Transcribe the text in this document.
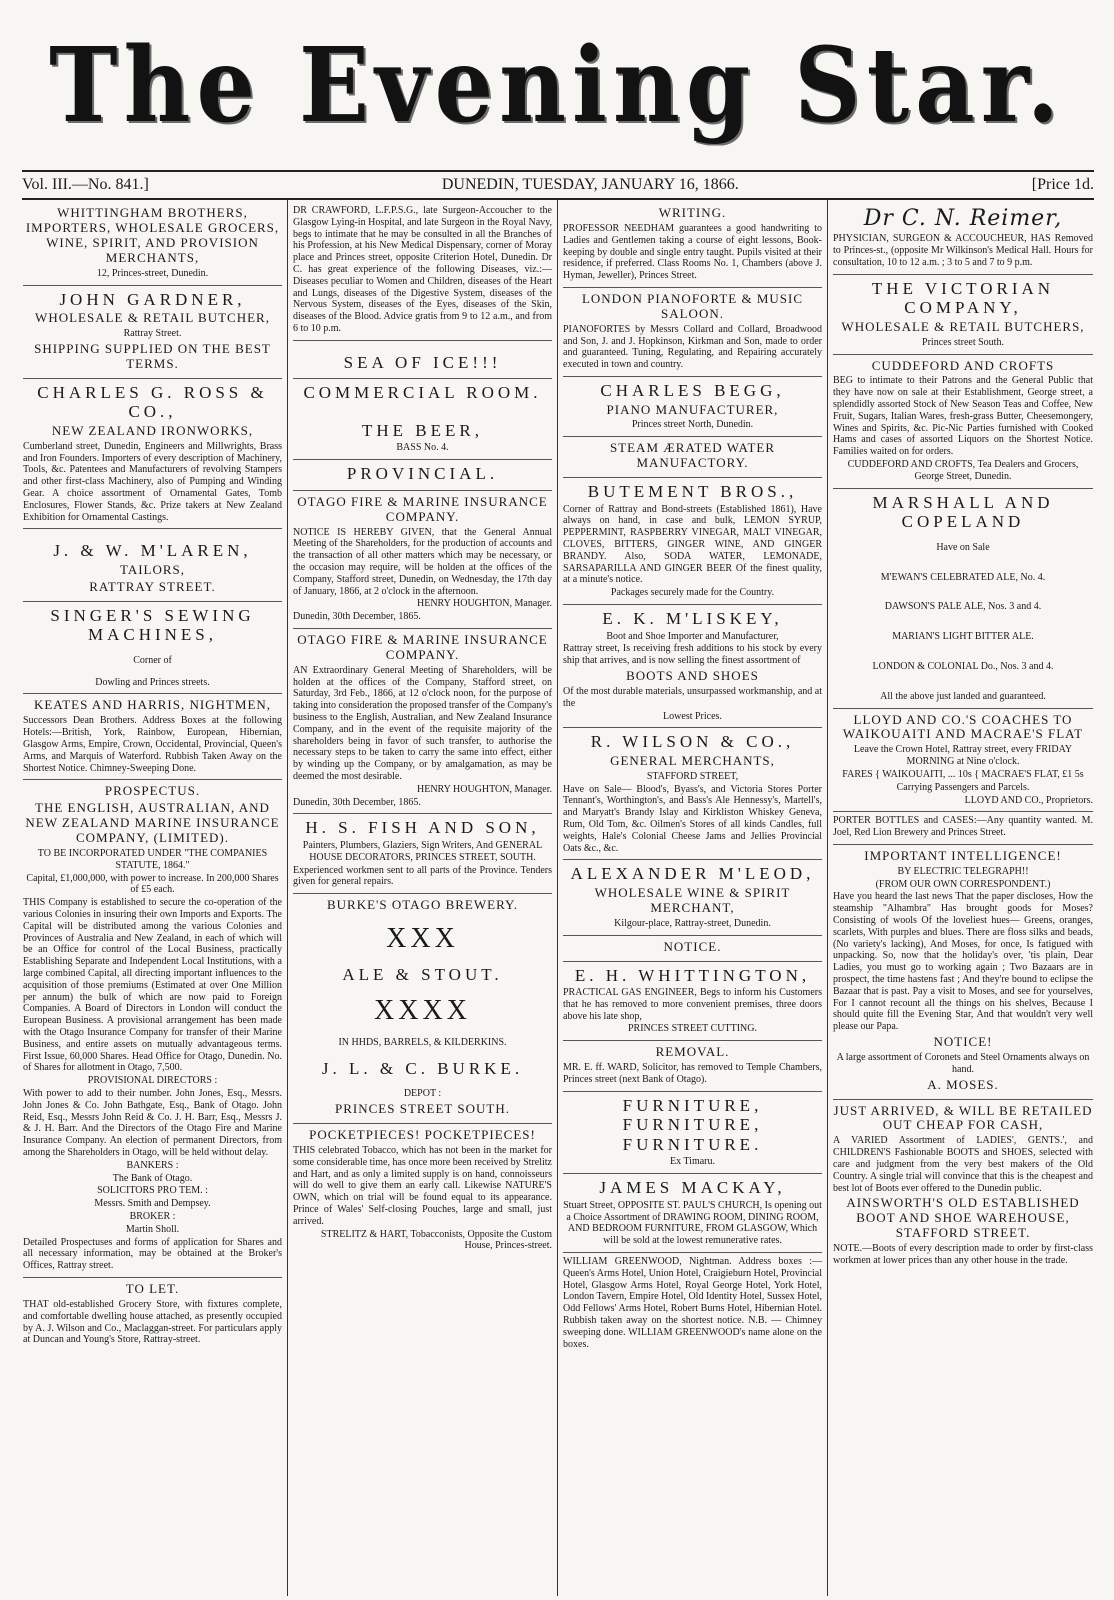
The Evening Star.
Vol. III.—No. 841.]	DUNEDIN, TUESDAY, JANUARY 16, 1866.	[Price 1d.
WHITTINGHAM BROTHERS, IMPORTERS, WHOLESALE GROCERS, WINE, SPIRIT, AND PROVISION MERCHANTS,
12, Princes-street, Dunedin.
JOHN GARDNER,
WHOLESALE & RETAIL BUTCHER,
Rattray Street.
SHIPPING SUPPLIED ON THE BEST TERMS.
CHARLES G. ROSS & CO.,
NEW ZEALAND IRONWORKS,
Cumberland street, Dunedin, Engineers and Millwrights, Brass and Iron Founders. Importers of every description of Machinery, Tools, &c. Patentees and Manufacturers of revolving Stampers and other first-class Machinery, also of Pumping and Winding Gear. A choice assortment of Ornamental Gates, Tomb Enclosures, Flower Stands, &c. Prize takers at New Zealand Exhibition for Ornamental Castings.
J. & W. M'LAREN,
TAILORS,
RATTRAY STREET.
SINGER'S SEWING MACHINES,
Corner of
Dowling and Princes streets.
KEATES AND HARRIS, NIGHTMEN,
Successors Dean Brothers. Address Boxes at the following Hotels:—British, York, Rainbow, European, Hibernian, Glasgow Arms, Empire, Crown, Occidental, Provincial, Queen's Arms, and Marquis of Waterford. Rubbish Taken Away on the Shortest Notice. Chimney-Sweeping Done.
PROSPECTUS.
THE ENGLISH, AUSTRALIAN, AND NEW ZEALAND MARINE INSURANCE COMPANY, (LIMITED).
TO BE INCORPORATED UNDER "THE COMPANIES STATUTE, 1864."
Capital, £1,000,000, with power to increase. In 200,000 Shares of £5 each.
THIS Company is established to secure the co-operation of the various Colonies in insuring their own Imports and Exports. The Capital will be distributed among the various Colonies and Provinces of Australia and New Zealand, in each of which will be an Office for control of the Local Business, practically Establishing Separate and Independent Local Institutions, with a large combined Capital, all directing important influences to the acquisition of those premiums (Estimated at over One Million per annum) the bulk of which are now paid to Foreign Companies. A Board of Directors in London will conduct the European Business. A provisional arrangement has been made with the Otago Insurance Company for transfer of their Marine Business, and entire assets on mutually advantageous terms. First Issue, 60,000 Shares. Head Office for Otago, Dunedin. No. of Shares for allotment in Otago, 7,500.
PROVISIONAL DIRECTORS :
With power to add to their number. John Jones, Esq., Messrs. John Jones & Co. John Bathgate, Esq., Bank of Otago. John Reid, Esq., Messrs John Reid & Co. J. H. Barr, Esq., Messrs J. & J. H. Barr. And the Directors of the Otago Fire and Marine Insurance Company. An election of permanent Directors, from among the Shareholders in Otago, will be held without delay.
BANKERS :
The Bank of Otago.
SOLICITORS PRO TEM. :
Messrs. Smith and Dempsey.
BROKER :
Martin Sholl.
Detailed Prospectuses and forms of application for Shares and all necessary information, may be obtained at the Broker's Offices, Rattray street.
TO LET.
THAT old-established Grocery Store, with fixtures complete, and comfortable dwelling house attached, as presently occupied by A. J. Wilson and Co., Maclaggan-street. For particulars apply at Duncan and Young's Store, Rattray-street.
DR CRAWFORD, L.F.P.S.G., late Surgeon-Accoucher to the Glasgow Lying-in Hospital, and late Surgeon in the Royal Navy, begs to intimate that he may be consulted in all the Branches of his Profession, at his New Medical Dispensary, corner of Moray place and Princes street, opposite Criterion Hotel, Dunedin. Dr C. has great experience of the following Diseases, viz.:—Diseases peculiar to Women and Children, diseases of the Heart and Lungs, diseases of the Digestive System, diseases of the Nervous System, diseases of the Eyes, diseases of the Skin, diseases of the Blood. Advice gratis from 9 to 12 a.m., and from 6 to 10 p.m.
SEA OF ICE!!!
COMMERCIAL ROOM.
THE BEER,
BASS No. 4.
PROVINCIAL.
OTAGO FIRE & MARINE INSURANCE COMPANY.
NOTICE IS HEREBY GIVEN, that the General Annual Meeting of the Shareholders, for the production of accounts and the transaction of all other matters which may be necessary, or the occasion may require, will be holden at the offices of the Company, Stafford street, Dunedin, on Wednesday, the 17th day of January, 1866, at 2 o'clock in the afternoon.
HENRY HOUGHTON, Manager.
Dunedin, 30th December, 1865.
OTAGO FIRE & MARINE INSURANCE COMPANY.
AN Extraordinary General Meeting of Shareholders, will be holden at the offices of the Company, Stafford street, on Saturday, 3rd Feb., 1866, at 12 o'clock noon, for the purpose of taking into consideration the proposed transfer of the Company's business to the English, Australian, and New Zealand Insurance Company, and in the event of the requisite majority of the shareholders being in favor of such transfer, to authorise the necessary steps to be taken to carry the same into effect, either by winding up the Company, or by amalgamation, as may be deemed the most desirable.
HENRY HOUGHTON, Manager.
Dunedin, 30th December, 1865.
H. S. FISH AND SON,
Painters, Plumbers, Glaziers, Sign Writers, And GENERAL HOUSE DECORATORS, PRINCES STREET, SOUTH.
Experienced workmen sent to all parts of the Province. Tenders given for general repairs.
BURKE'S OTAGO BREWERY.
XXX
ALE & STOUT.
XXXX
IN HHDS, BARRELS, & KILDERKINS.
J. L. & C. BURKE.
DEPOT :
PRINCES STREET SOUTH.
POCKETPIECES! POCKETPIECES!
THIS celebrated Tobacco, which has not been in the market for some considerable time, has once more been received by Strelitz and Hart, and as only a limited supply is on hand, connoisseurs will do well to give them an early call. Likewise NATURE'S OWN, which on trial will be found equal to its appearance. Prince of Wales' Self-closing Pouches, large and small, just arrived.
STRELITZ & HART, Tobacconists, Opposite the Custom House, Princes-street.
WRITING.
PROFESSOR NEEDHAM guarantees a good handwriting to Ladies and Gentlemen taking a course of eight lessons, Book-keeping by double and single entry taught. Pupils visited at their residence, if preferred. Class Rooms No. 1, Chambers (above J. Hyman, Jeweller), Princes Street.
LONDON PIANOFORTE & MUSIC SALOON.
PIANOFORTES by Messrs Collard and Collard, Broadwood and Son, J. and J. Hopkinson, Kirkman and Son, made to order and guaranteed. Tuning, Regulating, and Repairing accurately executed in town and country.
CHARLES BEGG,
PIANO MANUFACTURER,
Princes street North, Dunedin.
STEAM ÆRATED WATER MANUFACTORY.
BUTEMENT BROS.,
Corner of Rattray and Bond-streets (Established 1861), Have always on hand, in case and bulk, LEMON SYRUP, PEPPERMINT, RASPBERRY VINEGAR, MALT VINEGAR, CLOVES, BITTERS, GINGER WINE, AND GINGER BRANDY. Also, SODA WATER, LEMONADE, SARSAPARILLA AND GINGER BEER Of the finest quality, at a minute's notice.
Packages securely made for the Country.
E. K. M'LISKEY,
Boot and Shoe Importer and Manufacturer,
Rattray street, Is receiving fresh additions to his stock by every ship that arrives, and is now selling the finest assortment of
BOOTS AND SHOES
Of the most durable materials, unsurpassed workmanship, and at the
Lowest Prices.
R. WILSON & CO.,
GENERAL MERCHANTS,
STAFFORD STREET,
Have on Sale— Blood's, Byass's, and Victoria Stores Porter Tennant's, Worthington's, and Bass's Ale Hennessy's, Martell's, and Maryatt's Brandy Islay and Kirkliston Whiskey Geneva, Rum, Old Tom, &c. Oilmen's Stores of all kinds Candles, full weights, Hale's Colonial Cheese Jams and Jellies Provincial Oats &c., &c.
ALEXANDER M'LEOD,
WHOLESALE WINE & SPIRIT MERCHANT,
Kilgour-place, Rattray-street, Dunedin.
NOTICE.
E. H. WHITTINGTON,
PRACTICAL GAS ENGINEER, Begs to inform his Customers that he has removed to more convenient premises, three doors above his late shop,
PRINCES STREET CUTTING.
REMOVAL.
MR. E. ff. WARD, Solicitor, has removed to Temple Chambers, Princes street (next Bank of Otago).
FURNITURE, FURNITURE, FURNITURE.
Ex Timaru.
JAMES MACKAY,
Stuart Street, OPPOSITE ST. PAUL'S CHURCH, Is opening out a Choice Assortment of DRAWING ROOM, DINING ROOM, AND BEDROOM FURNITURE, FROM GLASGOW, Which will be sold at the lowest remunerative rates.
WILLIAM GREENWOOD, Nightman. Address boxes :—Queen's Arms Hotel, Union Hotel, Craigieburn Hotel, Provincial Hotel, Glasgow Arms Hotel, Royal George Hotel, York Hotel, London Tavern, Empire Hotel, Old Identity Hotel, Sussex Hotel, Odd Fellows' Arms Hotel, Robert Burns Hotel, Hibernian Hotel. Rubbish taken away on the shortest notice. N.B. — Chimney sweeping done. WILLIAM GREENWOOD's name alone on the boxes.
Dr C. N. Reimer,
PHYSICIAN, SURGEON & ACCOUCHEUR, HAS Removed to Princes-st., (opposite Mr Wilkinson's Medical Hall. Hours for consultation, 10 to 12 a.m. ; 3 to 5 and 7 to 9 p.m.
THE VICTORIAN COMPANY,
WHOLESALE & RETAIL BUTCHERS,
Princes street South.
CUDDEFORD AND CROFTS
BEG to intimate to their Patrons and the General Public that they have now on sale at their Establishment, George street, a splendidly assorted Stock of New Season Teas and Coffee, New Fruit, Sugars, Italian Wares, fresh-grass Butter, Cheesemongery, Wines and Spirits, &c. Pic-Nic Parties furnished with Cooked Hams and cases of assorted Liquors on the Shortest Notice. Families waited on for orders.
CUDDEFORD AND CROFTS, Tea Dealers and Grocers, George Street, Dunedin.
MARSHALL AND COPELAND
Have on Sale
M'EWAN'S CELEBRATED ALE, No. 4.
DAWSON'S PALE ALE, Nos. 3 and 4.
MARIAN'S LIGHT BITTER ALE.
LONDON & COLONIAL Do., Nos. 3 and 4.
All the above just landed and guaranteed.
LLOYD AND CO.'S COACHES TO WAIKOUAITI AND MACRAE'S FLAT
Leave the Crown Hotel, Rattray street, every FRIDAY MORNING at Nine o'clock.
FARES { WAIKOUAITI, ... 10s { MACRAE'S FLAT, £1 5s
Carrying Passengers and Parcels.
LLOYD AND CO., Proprietors.
PORTER BOTTLES and CASES:—Any quantity wanted. M. Joel, Red Lion Brewery and Princes Street.
IMPORTANT INTELLIGENCE!
BY ELECTRIC TELEGRAPH!!
(FROM OUR OWN CORRESPONDENT.)
Have you heard the last news That the paper discloses, How the steamship "Alhambra" Has brought goods for Moses? Consisting of wools Of the loveliest hues— Greens, oranges, scarlets, With purples and blues. There are floss silks and beads, (No variety's lacking), And Moses, for once, Is fatigued with unpacking. So, now that the holiday's over, 'tis plain, Dear Ladies, you must go to working again ; Two Bazaars are in prospect, the time hastens fast ; And they're bound to eclipse the Bazaar that is past. Pay a visit to Moses, and see for yourselves, For I cannot recount all the things on his shelves, Because I should quite fill the Evening Star, And that wouldn't very well please our Papa.
NOTICE!
A large assortment of Coronets and Steel Ornaments always on hand.
A. MOSES.
JUST ARRIVED, & WILL BE RETAILED OUT CHEAP FOR CASH,
A VARIED Assortment of LADIES', GENTS.', and CHILDREN'S Fashionable BOOTS and SHOES, selected with care and judgment from the very best makers of the Old Country. A single trial will convince that this is the cheapest and best lot of Boots ever offered to the Dunedin public.
AINSWORTH'S OLD ESTABLISHED BOOT AND SHOE WAREHOUSE, STAFFORD STREET.
NOTE.—Boots of every description made to order by first-class workmen at lower prices than any other house in the trade.
